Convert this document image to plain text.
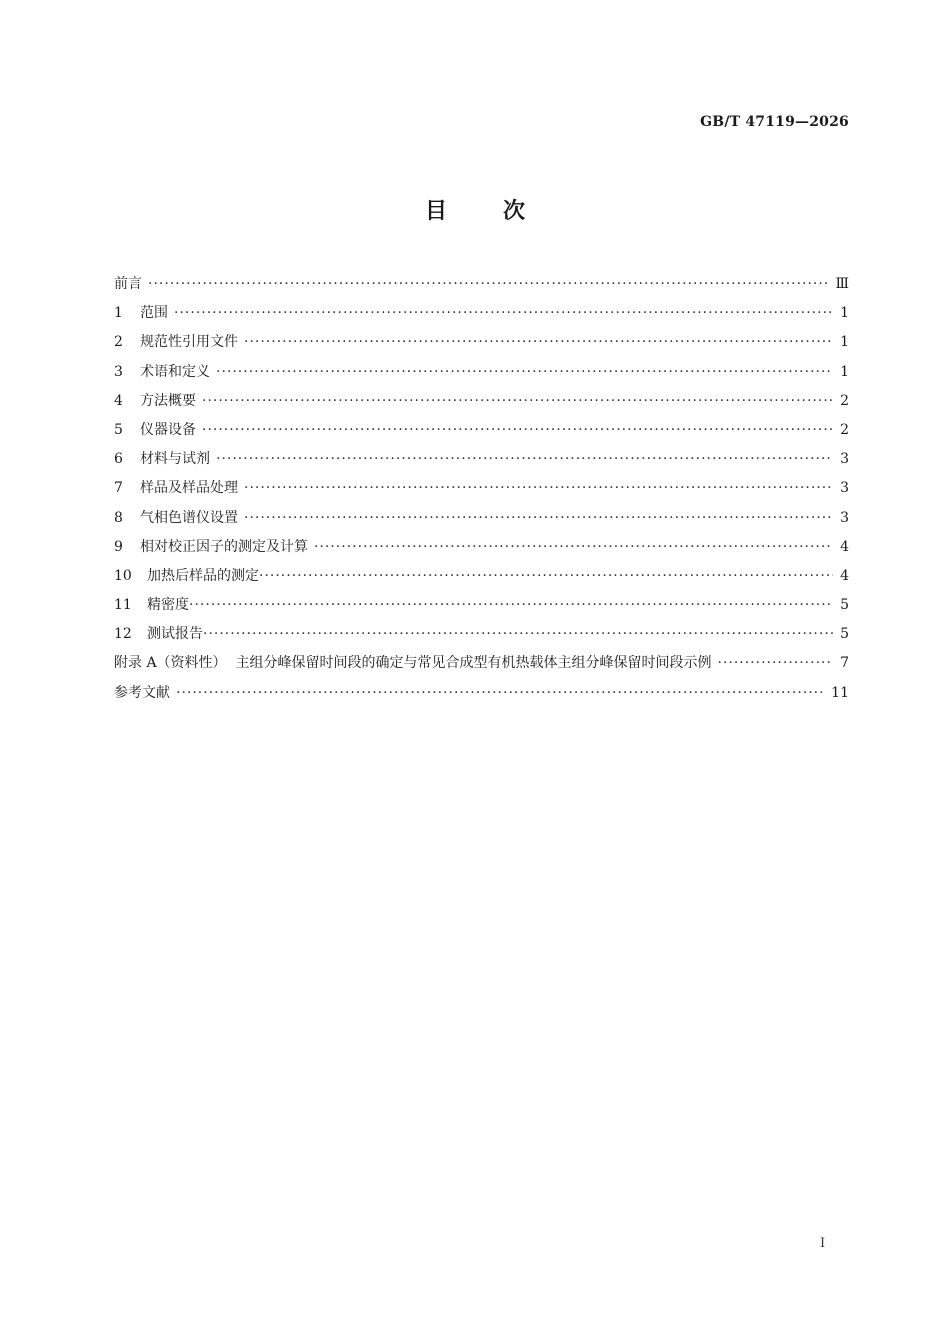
GB/T 47119—2026
目	次
前言 ·····	Ⅲ
1	范围 ·····	1
2	规范性引用文件 ·····	1
3	术语和定义 ·····	1
4	方法概要 ·····	2
5	仪器设备 ·····	2
6	材料与试剂 ·····	3
7	样品及样品处理 ·····	3
8	气相色谱仪设置 ·····	3
9	相对校正因子的测定及计算 ·····	4
10	加热后样品的测定 ·····	4
11	精密度 ·····	5
12	测试报告 ·····	5
附录 A（资料性）  主组分峰保留时间段的确定与常见合成型有机热载体主组分峰保留时间段示例 ·····	7
参考文献 ·····	11
I
